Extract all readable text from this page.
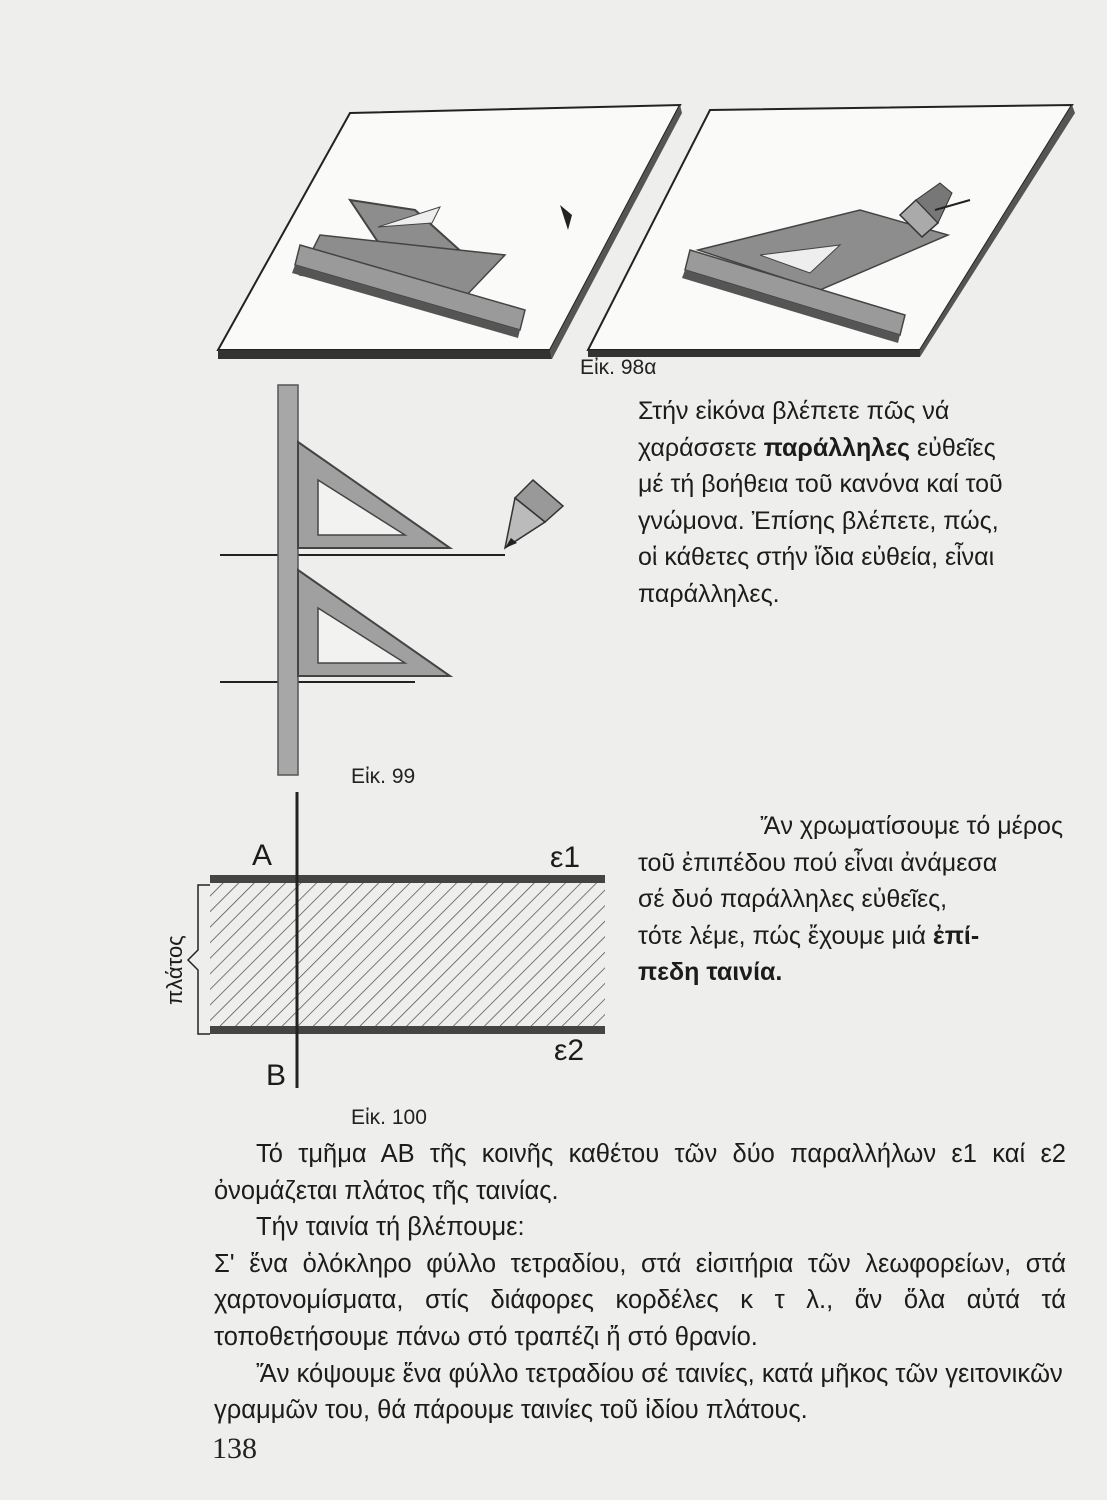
Εἰκ. 98α
Εἰκ. 99
Στήν εἰκόνα βλέπετε πῶς νά
χαράσσετε παράλληλες εὐθεῖες
μέ τή βοήθεια τοῦ κανόνα καί τοῦ
γνώμονα. Ἐπίσης βλέπετε, πώς,
οἱ κάθετες στήν ἴδια εὐθεία, εἶναι
παράλληλες.
Α
Β
ε1
ε2
πλάτος
Εἰκ. 100
Ἄν χρωματίσουμε τό μέρος
τοῦ ἐπιπέδου πού εἶναι ἀνάμεσα
σέ δυό παράλληλες εὐθεῖες,
τότε λέμε, πώς ἔχουμε μιά ἐπί-
πεδη ταινία.

Τό τμῆμα ΑΒ τῆς κοινῆς καθέτου τῶν δύο παραλλήλων ε1 καί ε2 ὀνομάζεται πλάτος τῆς ταινίας.

Τήν ταινία τή βλέπουμε:

Σ' ἕνα ὁλόκληρο φύλλο τετραδίου, στά εἰσιτήρια τῶν λεωφορείων, στά χαρτονομίσματα, στίς διάφορες κορδέλες κ τ λ., ἄν ὅλα αὐτά τά τοποθετήσουμε πάνω στό τραπέζι ἤ στό θρανίο.

Ἄν κόψουμε ἕνα φύλλο τετραδίου σέ ταινίες, κατά μῆκος τῶν γειτονικῶν γραμμῶν του, θά πάρουμε ταινίες τοῦ ἰδίου πλάτους.

138
